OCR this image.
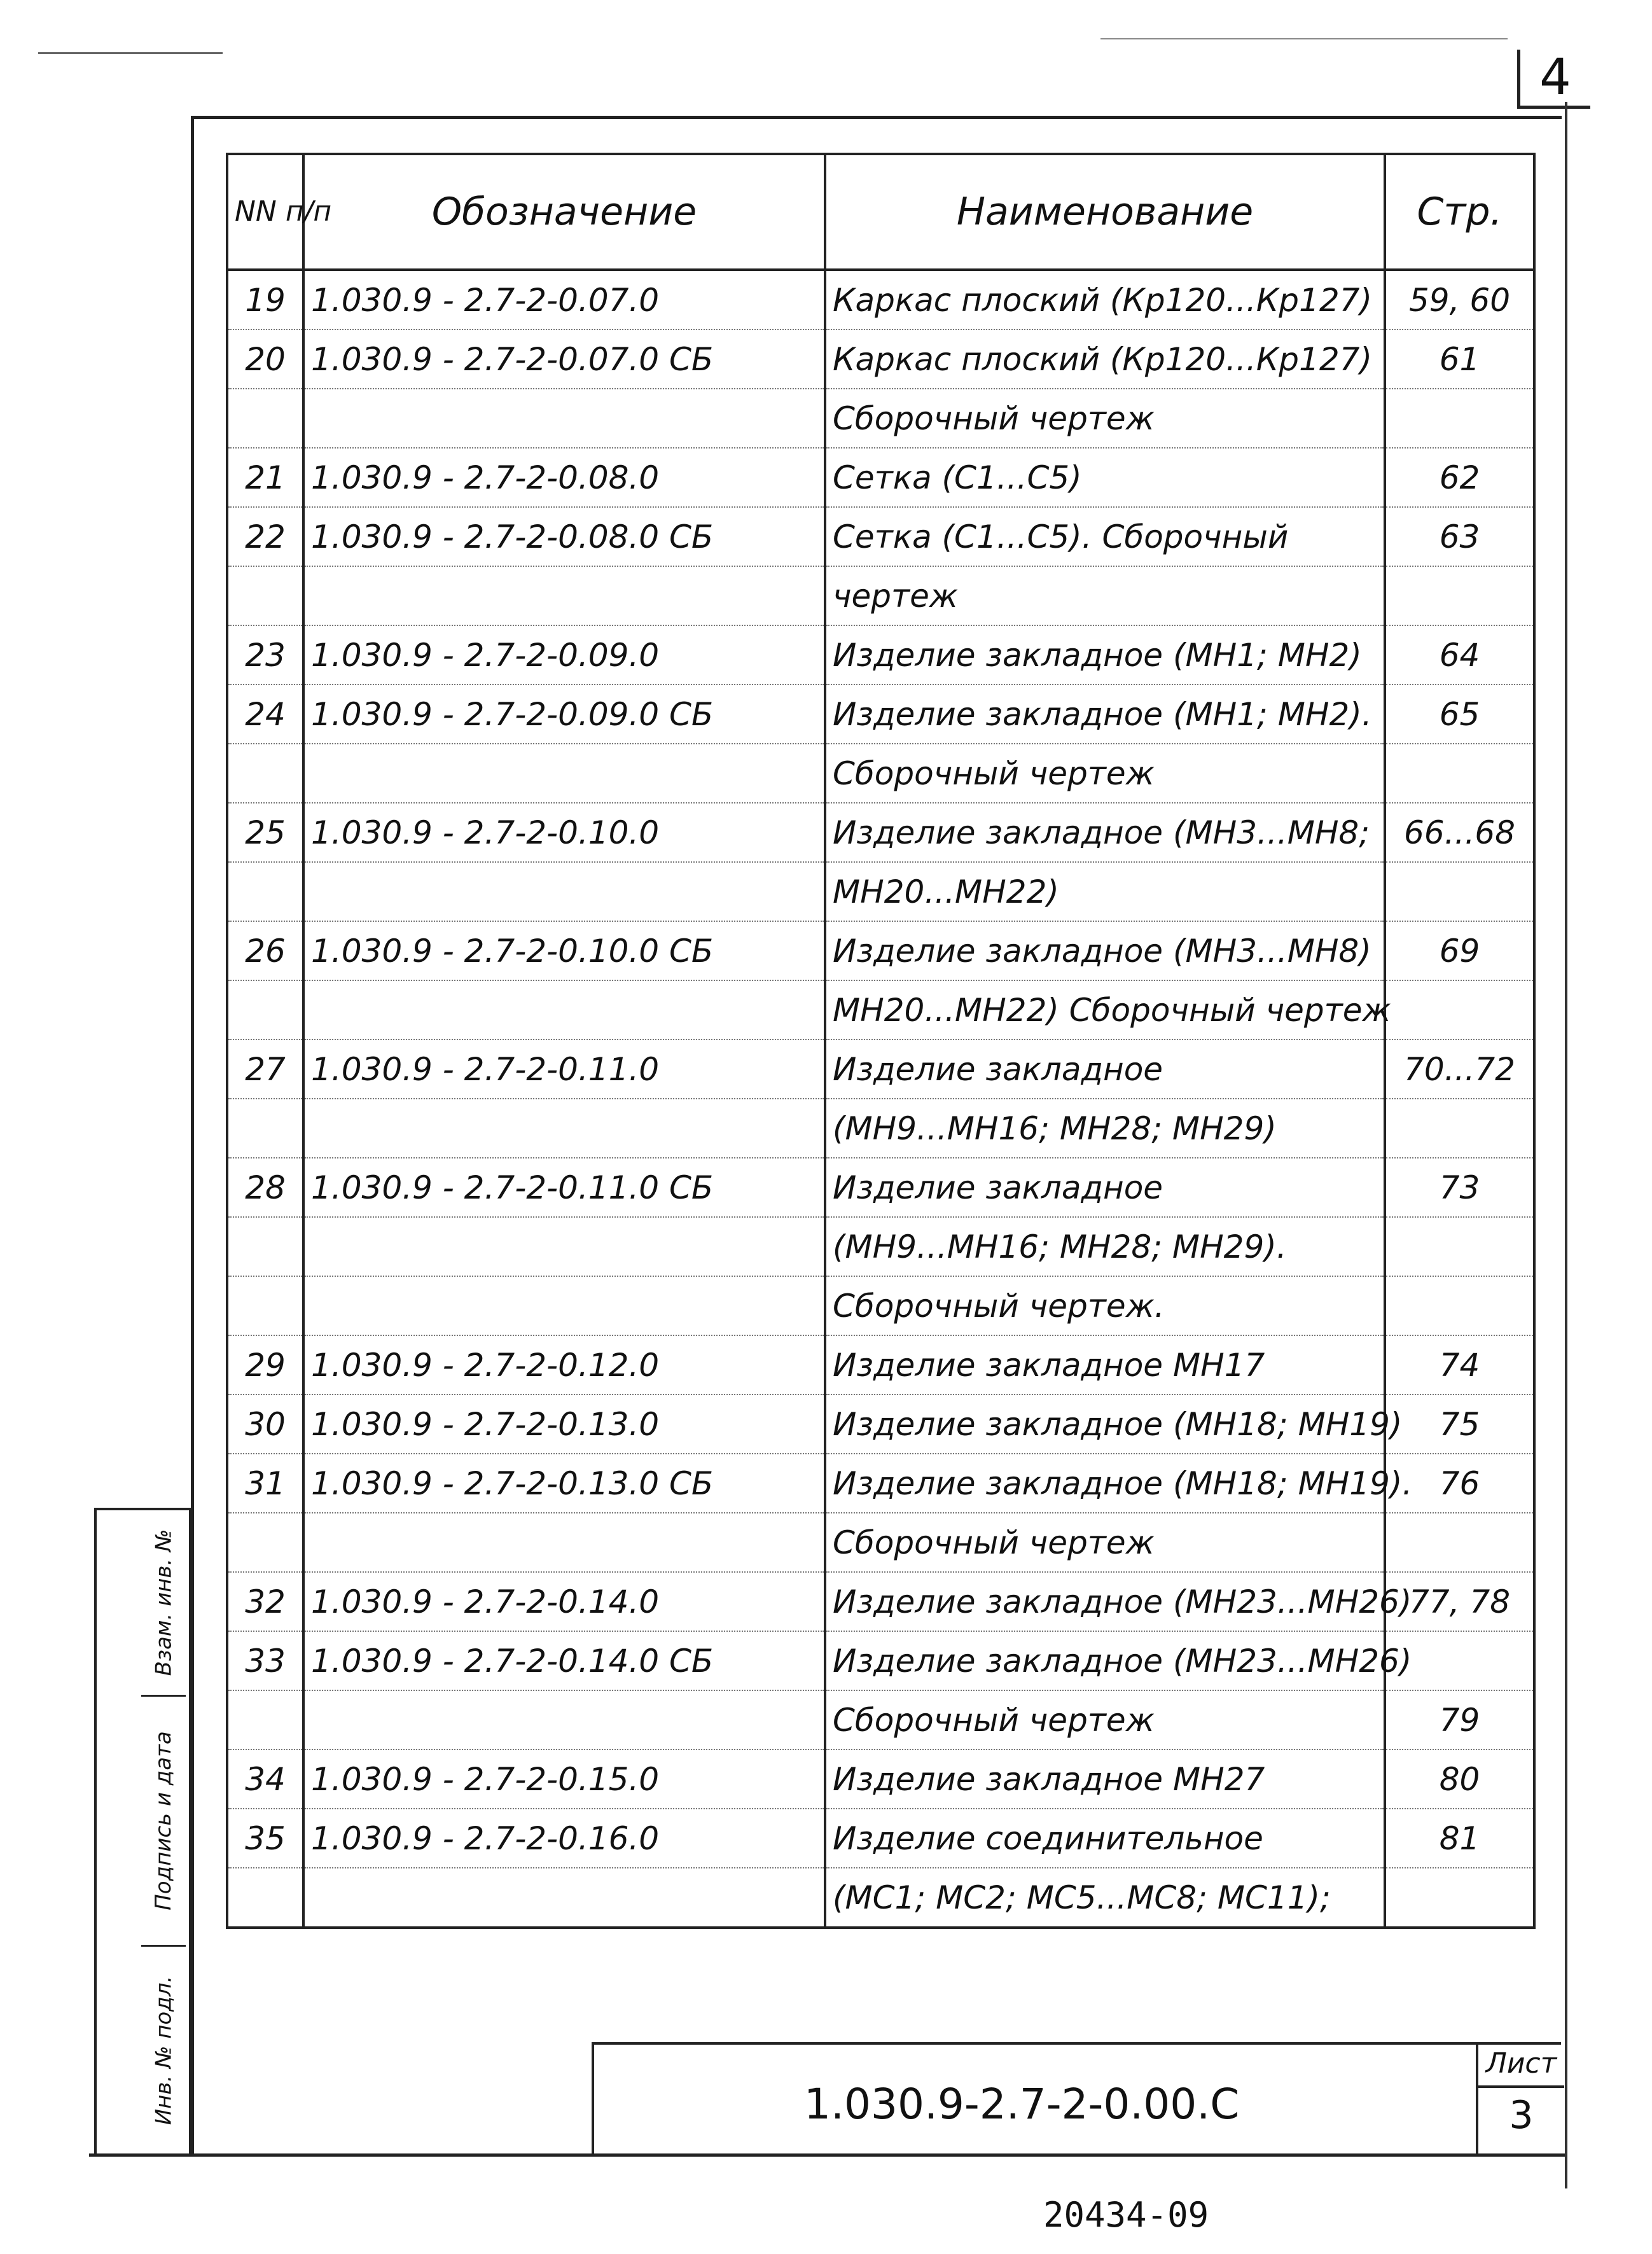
4
NN п/п	Обозначение	Наименование	Стр.
19	1.030.9 - 2.7-2-0.07.0	Каркас плоский (Кр120...Кр127)	59, 60
20	1.030.9 - 2.7-2-0.07.0 СБ	Каркас плоский (Кр120...Кр127)	61
		Сборочный чертеж	
21	1.030.9 - 2.7-2-0.08.0	Сетка (С1...С5)	62
22	1.030.9 - 2.7-2-0.08.0 СБ	Сетка (С1...С5). Сборочный	63
		чертеж	
23	1.030.9 - 2.7-2-0.09.0	Изделие закладное (МН1; МН2)	64
24	1.030.9 - 2.7-2-0.09.0 СБ	Изделие закладное (МН1; МН2).	65
		Сборочный чертеж	
25	1.030.9 - 2.7-2-0.10.0	Изделие закладное (МН3...МН8;	66...68
		МН20...МН22)	
26	1.030.9 - 2.7-2-0.10.0 СБ	Изделие закладное (МН3...МН8)	69
		МН20...МН22) Сборочный чертеж	
27	1.030.9 - 2.7-2-0.11.0	Изделие закладное	70...72
		(МН9...МН16; МН28; МН29)	
28	1.030.9 - 2.7-2-0.11.0 СБ	Изделие закладное	73
		(МН9...МН16; МН28; МН29).	
		Сборочный чертеж.	
29	1.030.9 - 2.7-2-0.12.0	Изделие закладное МН17	74
30	1.030.9 - 2.7-2-0.13.0	Изделие закладное (МН18; МН19)	75
31	1.030.9 - 2.7-2-0.13.0 СБ	Изделие закладное (МН18; МН19).	76
		Сборочный чертеж	
32	1.030.9 - 2.7-2-0.14.0	Изделие закладное (МН23...МН26)	77, 78
33	1.030.9 - 2.7-2-0.14.0 СБ	Изделие закладное (МН23...МН26)	
		Сборочный чертеж	79
34	1.030.9 - 2.7-2-0.15.0	Изделие закладное МН27	80
35	1.030.9 - 2.7-2-0.16.0	Изделие соединительное	81
		(МС1; МС2; МС5...МС8; МС11);	
Взам. инв. №
Подпись и дата
Инв. № подл.	1.030.9-2.7-2-0.00.С
Лист
3
20434-09
